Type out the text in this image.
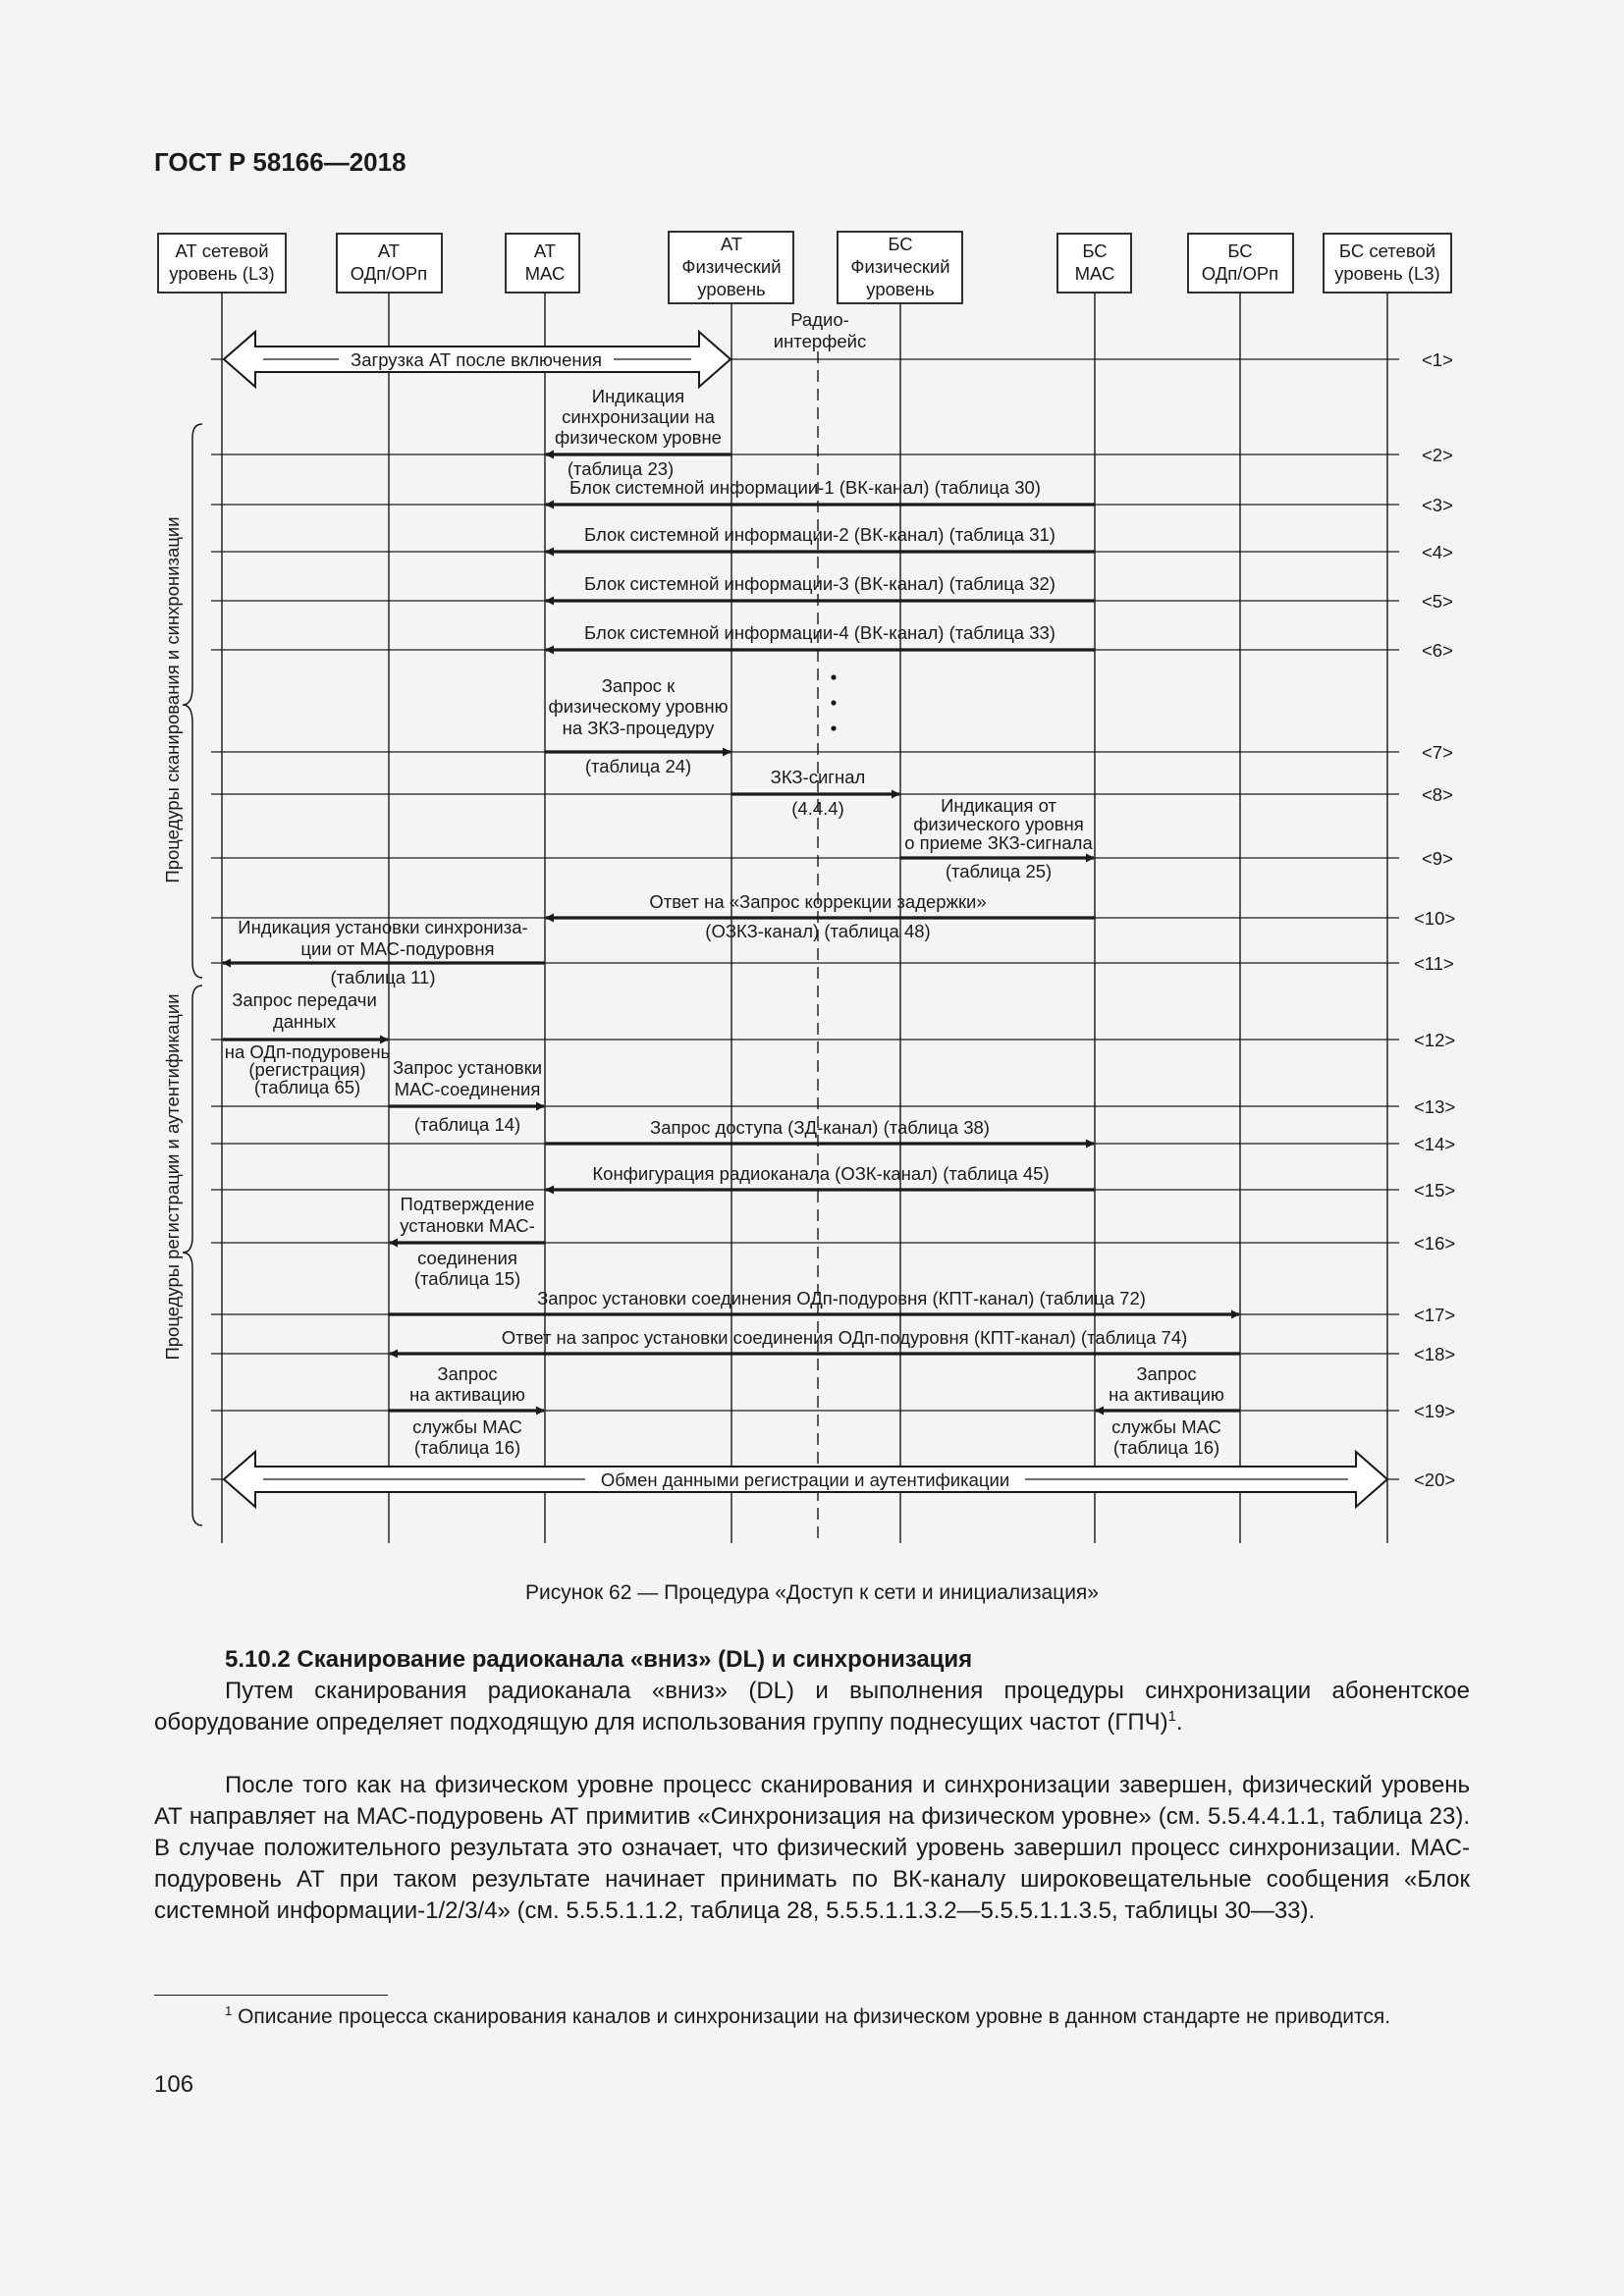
ГОСТ Р 58166—2018
АТ сетевой уровень (L3)
АТ ОДп/ОРп
АТ МАС
АТ Физический уровень
БС Физический уровень
БС МАС
БС ОДп/ОРп
БС сетевой уровень (L3)
Радио-интерфейс
<1>
<2>
<3>
<4>
<5>
<6>
<7>
<8>
<9>
<10>
<11>
<12>
<13>
<14>
<15>
<16>
<17>
<18>
<19>
<20>
Процедуры сканирования и синхронизации
Процедуры регистрации и аутентификации
Загрузка АТ после включения
Индикация синхронизации на физическом уровне (таблица 23)
Блок системной информации-1 (ВК-канал) (таблица 30)
Блок системной информации-2 (ВК-канал) (таблица 31)
Блок системной информации-3 (ВК-канал) (таблица 32)
Блок системной информации-4 (ВК-канал) (таблица 33)
Запрос к физическому уровню на ЗКЗ-процедуру (таблица 24)
ЗКЗ-сигнал (4.4.4)	Индикация от физического уровня о приеме ЗКЗ-сигнала (таблица 25)
Ответ на «Запрос коррекции задержки» (ОЗКЗ-канал) (таблица 48)
Индикация установки синхрониза-ции от МАС-подуровня (таблица 11)
Запрос передачи данных на ОДп-подуровень (регистрация) (таблица 65)
Запрос установки МАС-соединения (таблица 14)	Запрос доступа (ЗД-канал) (таблица 38)
Конфигурация радиоканала (ОЗК-канал) (таблица 45)
Подтверждение установки МАС-соединения (таблица 15)
Запрос установки соединения ОДп-подуровня (КПТ-канал) (таблица 72)
Ответ на запрос установки соединения ОДп-подуровня (КПТ-канал) (таблица 74)
Запрос на активацию службы МАС (таблица 16)
Запрос на активацию службы МАС (таблица 16)
Обмен данными регистрации и аутентификации
Рисунок 62 — Процедура «Доступ к сети и инициализация»
5.10.2 Сканирование радиоканала «вниз» (DL) и синхронизация
Путем сканирования радиоканала «вниз» (DL) и выполнения процедуры синхронизации абонентское оборудование определяет подходящую для использования группу поднесущих частот (ГПЧ)$^1$.
После того как на физическом уровне процесс сканирования и синхронизации завершен, физический уровень АТ направляет на МАС-подуровень АТ примитив «Синхронизация на физическом уровне» (см. 5.5.4.4.1.1, таблица 23). В случае положительного результата это означает, что физический уровень завершил процесс синхронизации. МАС-подуровень АТ при таком результате начинает принимать по ВК-каналу широковещательные сообщения «Блок системной информации-1/2/3/4» (см. 5.5.5.1.1.2, таблица 28, 5.5.5.1.1.3.2—5.5.5.1.1.3.5, таблицы 30—33).
$^1$ Описание процесса сканирования каналов и синхронизации на физическом уровне в данном стандарте не приводится.
106
